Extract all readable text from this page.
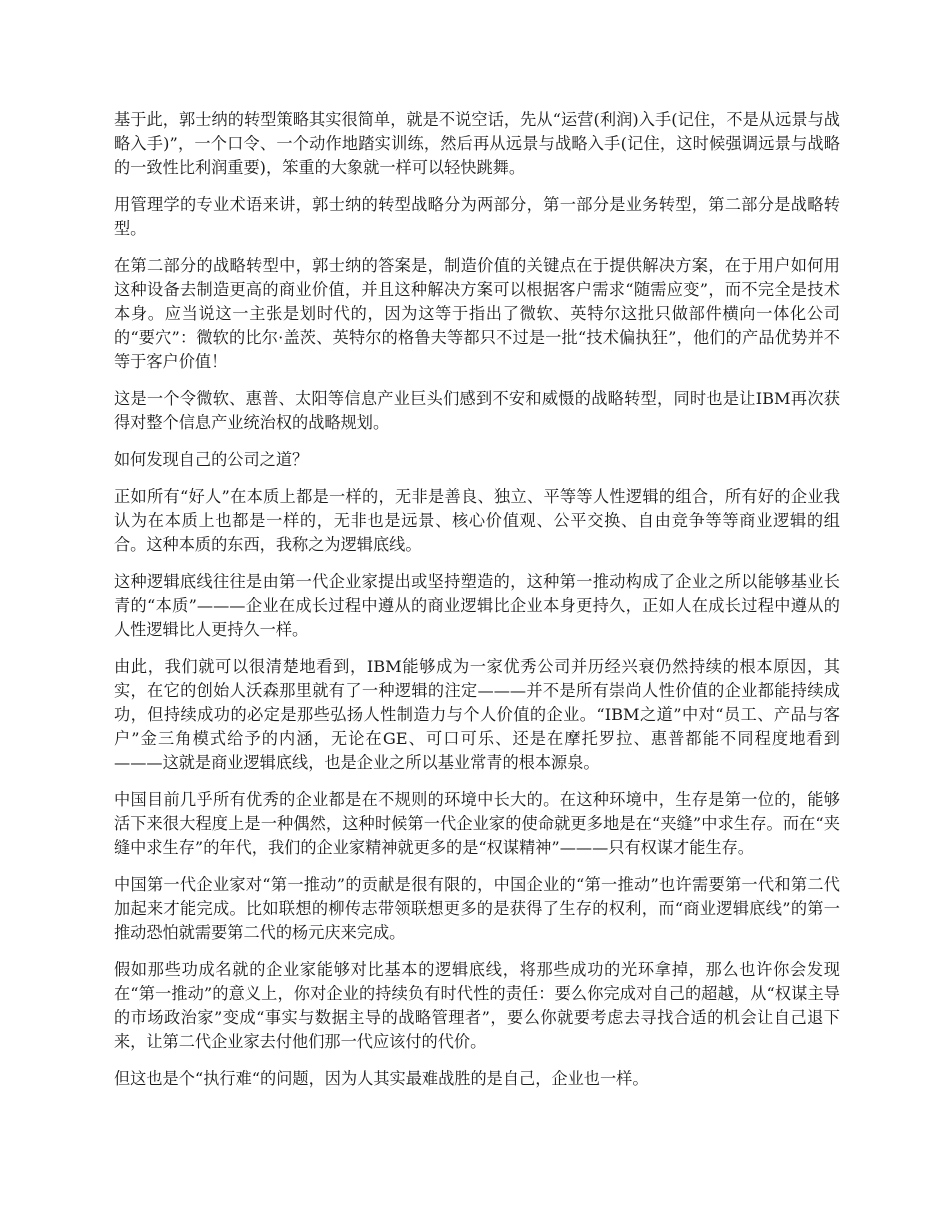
基于此，郭士纳的转型策略其实很简单，就是不说空话，先从“运营(利润)入手(记住，不是从远景与战略入手)”，一个口令、一个动作地踏实训练，然后再从远景与战略入手(记住，这时候强调远景与战略的一致性比利润重要)，笨重的大象就一样可以轻快跳舞。

用管理学的专业术语来讲，郭士纳的转型战略分为两部分，第一部分是业务转型，第二部分是战略转型。

在第二部分的战略转型中，郭士纳的答案是，制造价值的关键点在于提供解决方案，在于用户如何用这种设备去制造更高的商业价值，并且这种解决方案可以根据客户需求“随需应变”，而不完全是技术本身。应当说这一主张是划时代的，因为这等于指出了微软、英特尔这批只做部件横向一体化公司的“要穴”：微软的比尔·盖茨、英特尔的格鲁夫等都只不过是一批“技术偏执狂”，他们的产品优势并不等于客户价值！

这是一个令微软、惠普、太阳等信息产业巨头们感到不安和威慑的战略转型，同时也是让IBM再次获得对整个信息产业统治权的战略规划。

如何发现自己的公司之道？

正如所有“好人”在本质上都是一样的，无非是善良、独立、平等等人性逻辑的组合，所有好的企业我认为在本质上也都是一样的，无非也是远景、核心价值观、公平交换、自由竞争等等商业逻辑的组合。这种本质的东西，我称之为逻辑底线。

这种逻辑底线往往是由第一代企业家提出或坚持塑造的，这种第一推动构成了企业之所以能够基业长青的“本质”———企业在成长过程中遵从的商业逻辑比企业本身更持久，正如人在成长过程中遵从的人性逻辑比人更持久一样。

由此，我们就可以很清楚地看到，IBM能够成为一家优秀公司并历经兴衰仍然持续的根本原因，其实，在它的创始人沃森那里就有了一种逻辑的注定———并不是所有崇尚人性价值的企业都能持续成功，但持续成功的必定是那些弘扬人性制造力与个人价值的企业。“IBM之道”中对“员工、产品与客户”金三角模式给予的内涵，无论在GE、可口可乐、还是在摩托罗拉、惠普都能不同程度地看到———这就是商业逻辑底线，也是企业之所以基业常青的根本源泉。

中国目前几乎所有优秀的企业都是在不规则的环境中长大的。在这种环境中，生存是第一位的，能够活下来很大程度上是一种偶然，这种时候第一代企业家的使命就更多地是在“夹缝”中求生存。而在“夹缝中求生存”的年代，我们的企业家精神就更多的是“权谋精神”———只有权谋才能生存。

中国第一代企业家对“第一推动”的贡献是很有限的，中国企业的“第一推动”也许需要第一代和第二代加起来才能完成。比如联想的柳传志带领联想更多的是获得了生存的权利，而“商业逻辑底线”的第一推动恐怕就需要第二代的杨元庆来完成。

假如那些功成名就的企业家能够对比基本的逻辑底线，将那些成功的光环拿掉，那么也许你会发现在“第一推动”的意义上，你对企业的持续负有时代性的责任：要么你完成对自己的超越，从“权谋主导的市场政治家”变成“事实与数据主导的战略管理者”，要么你就要考虑去寻找合适的机会让自己退下来，让第二代企业家去付他们那一代应该付的代价。

但这也是个“执行难“的问题，因为人其实最难战胜的是自己，企业也一样。
